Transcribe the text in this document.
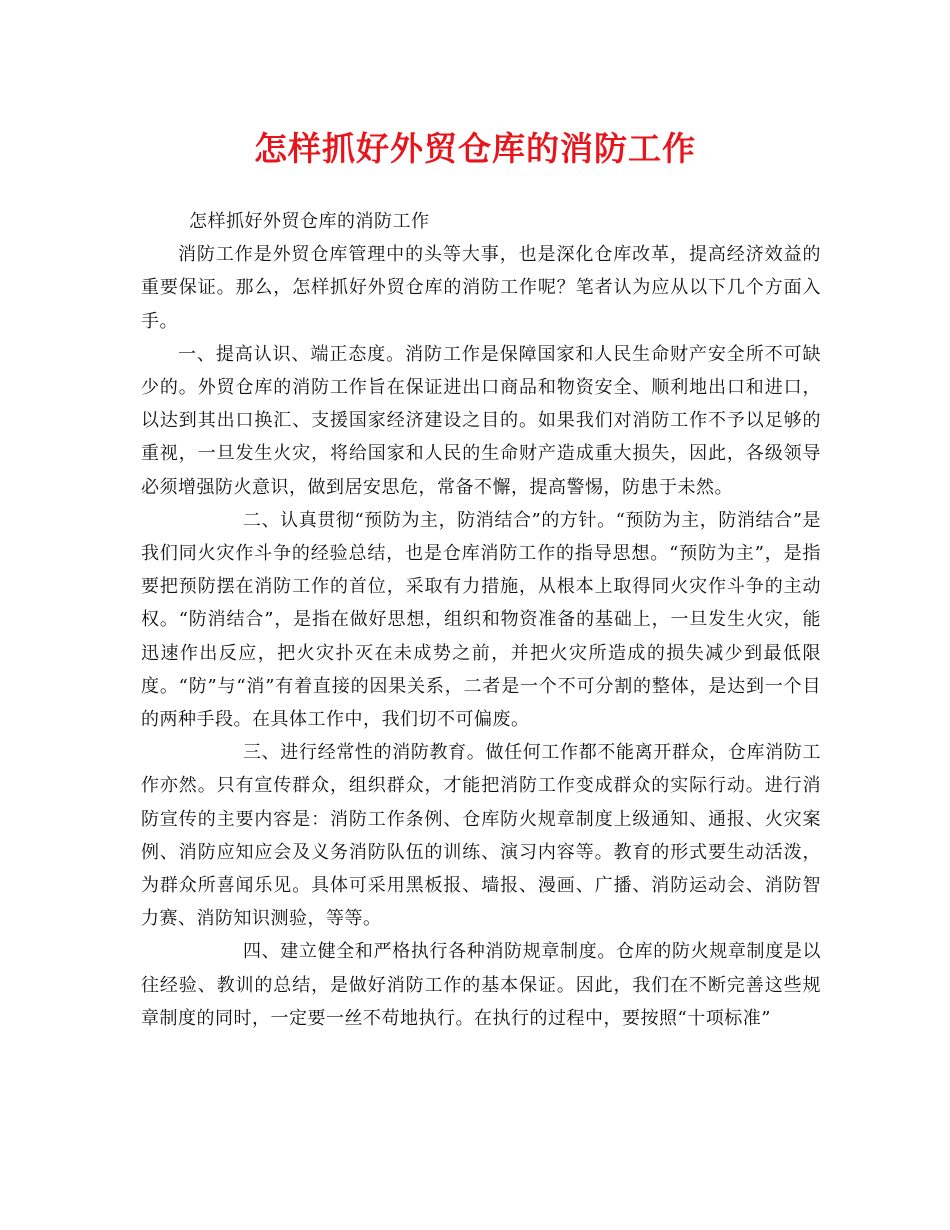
怎样抓好外贸仓库的消防工作

怎样抓好外贸仓库的消防工作

消防工作是外贸仓库管理中的头等大事，也是深化仓库改革，提高经济效益的重要保证。那么，怎样抓好外贸仓库的消防工作呢？笔者认为应从以下几个方面入手。

一、提高认识、端正态度。消防工作是保障国家和人民生命财产安全所不可缺少的。外贸仓库的消防工作旨在保证进出口商品和物资安全、顺利地出口和进口，以达到其出口换汇、支援国家经济建设之目的。如果我们对消防工作不予以足够的重视，一旦发生火灾，将给国家和人民的生命财产造成重大损失，因此，各级领导必须增强防火意识，做到居安思危，常备不懈，提高警惕，防患于未然。

二、认真贯彻“预防为主，防消结合”的方针。“预防为主，防消结合”是我们同火灾作斗争的经验总结，也是仓库消防工作的指导思想。“预防为主”，是指要把预防摆在消防工作的首位，采取有力措施，从根本上取得同火灾作斗争的主动权。“防消结合”，是指在做好思想，组织和物资准备的基础上，一旦发生火灾，能迅速作出反应，把火灾扑灭在未成势之前，并把火灾所造成的损失减少到最低限度。“防”与“消”有着直接的因果关系，二者是一个不可分割的整体，是达到一个目的两种手段。在具体工作中，我们切不可偏废。

三、进行经常性的消防教育。做任何工作都不能离开群众，仓库消防工作亦然。只有宣传群众，组织群众，才能把消防工作变成群众的实际行动。进行消防宣传的主要内容是：消防工作条例、仓库防火规章制度上级通知、通报、火灾案例、消防应知应会及义务消防队伍的训练、演习内容等。教育的形式要生动活泼，为群众所喜闻乐见。具体可采用黑板报、墙报、漫画、广播、消防运动会、消防智力赛、消防知识测验，等等。

四、建立健全和严格执行各种消防规章制度。仓库的防火规章制度是以往经验、教训的总结，是做好消防工作的基本保证。因此，我们在不断完善这些规章制度的同时，一定要一丝不苟地执行。在执行的过程中，要按照“十项标准”
